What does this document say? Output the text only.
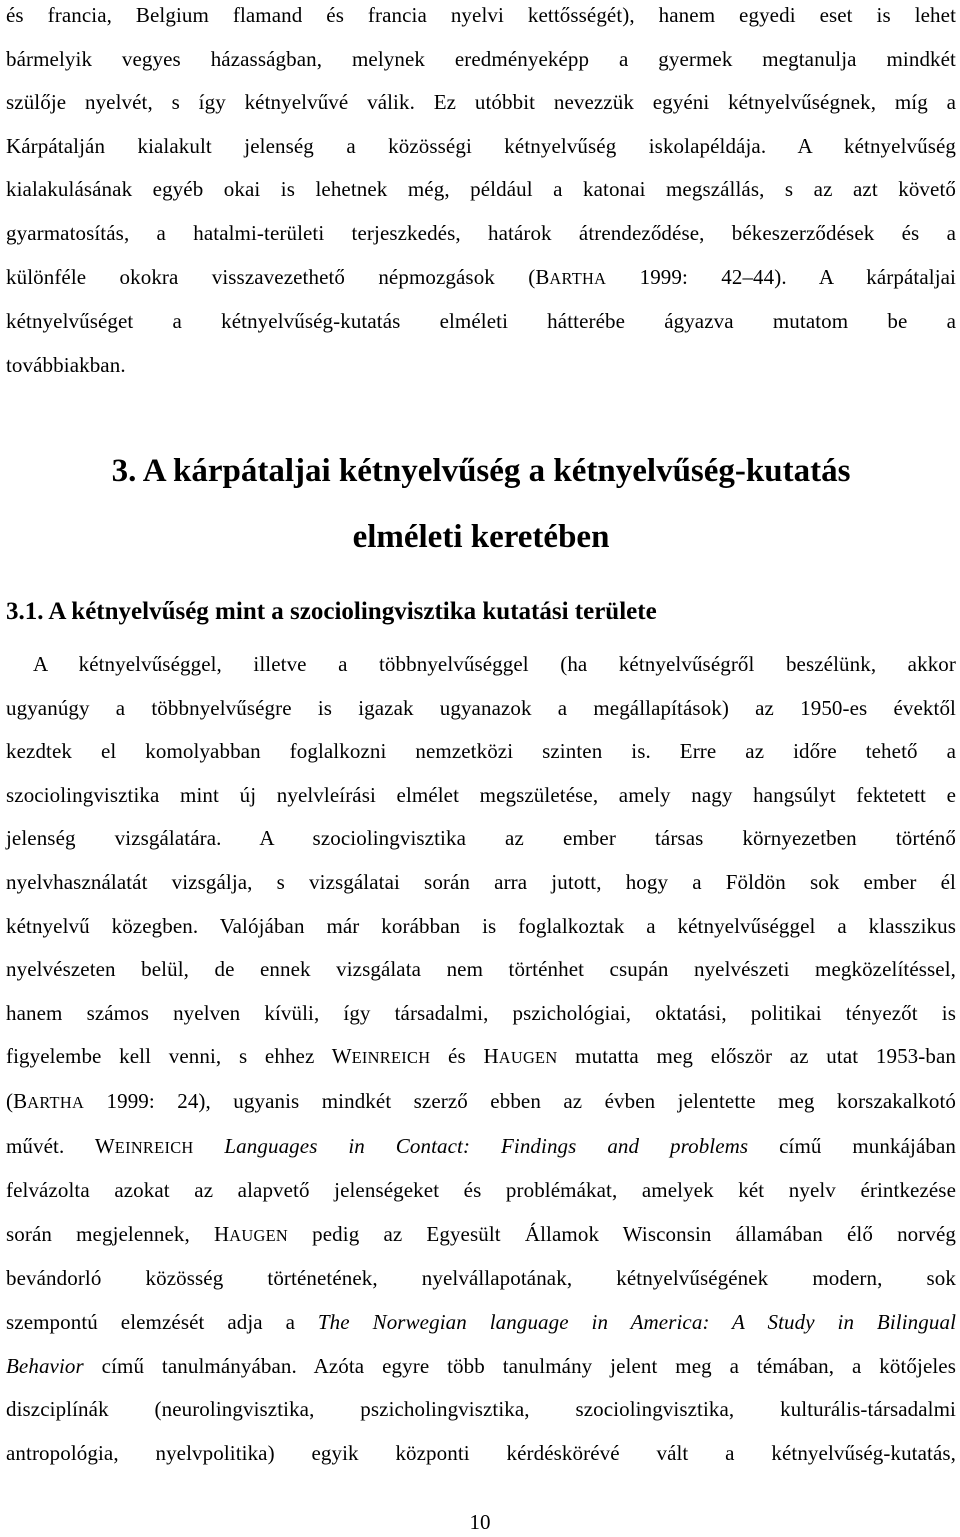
és francia, Belgium flamand és francia nyelvi kettősségét), hanem egyedi eset is lehet
bármelyik vegyes házasságban, melynek eredményeképp a gyermek megtanulja mindkét
szülője nyelvét, s így kétnyelvűvé válik. Ez utóbbit nevezzük egyéni kétnyelvűségnek, míg a
Kárpátalján kialakult jelenség a közösségi kétnyelvűség iskolapéldája. A kétnyelvűség
kialakulásának egyéb okai is lehetnek még, például a katonai megszállás, s az azt követő
gyarmatosítás, a hatalmi-területi terjeszkedés, határok átrendeződése, békeszerződések és a
különféle okokra visszavezethető népmozgások (BARTHA 1999: 42–44). A kárpátaljai
kétnyelvűséget a kétnyelvűség-kutatás elméleti hátterébe ágyazva mutatom be a
továbbiakban.
3. A kárpátaljai kétnyelvűség a kétnyelvűség-kutatás
elméleti keretében
3.1. A kétnyelvűség mint a szociolingvisztika kutatási területe
A kétnyelvűséggel, illetve a többnyelvűséggel (ha kétnyelvűségről beszélünk, akkor
ugyanúgy a többnyelvűségre is igazak ugyanazok a megállapítások) az 1950-es évektől
kezdtek el komolyabban foglalkozni nemzetközi szinten is. Erre az időre tehető a
szociolingvisztika mint új nyelvleírási elmélet megszületése, amely nagy hangsúlyt fektetett e
jelenség vizsgálatára. A szociolingvisztika az ember társas környezetben történő
nyelvhasználatát vizsgálja, s vizsgálatai során arra jutott, hogy a Földön sok ember él
kétnyelvű közegben. Valójában már korábban is foglalkoztak a kétnyelvűséggel a klasszikus
nyelvészeten belül, de ennek vizsgálata nem történhet csupán nyelvészeti megközelítéssel,
hanem számos nyelven kívüli, így társadalmi, pszichológiai, oktatási, politikai tényezőt is
figyelembe kell venni, s ehhez WEINREICH és HAUGEN mutatta meg először az utat 1953-ban
(BARTHA 1999: 24), ugyanis mindkét szerző ebben az évben jelentette meg korszakalkotó
művét. WEINREICH Languages in Contact: Findings and problems című munkájában
felvázolta azokat az alapvető jelenségeket és problémákat, amelyek két nyelv érintkezése
során megjelennek, HAUGEN pedig az Egyesült Államok Wisconsin államában élő norvég
bevándorló közösség történetének, nyelvállapotának, kétnyelvűségének modern, sok
szempontú elemzését adja a The Norwegian language in America: A Study in Bilingual
Behavior című tanulmányában. Azóta egyre több tanulmány jelent meg a témában, a kötőjeles
diszciplínák (neurolingvisztika, pszicholingvisztika, szociolingvisztika, kulturális-társadalmi
antropológia, nyelvpolitika) egyik központi kérdéskörévé vált a kétnyelvűség-kutatás,
10
